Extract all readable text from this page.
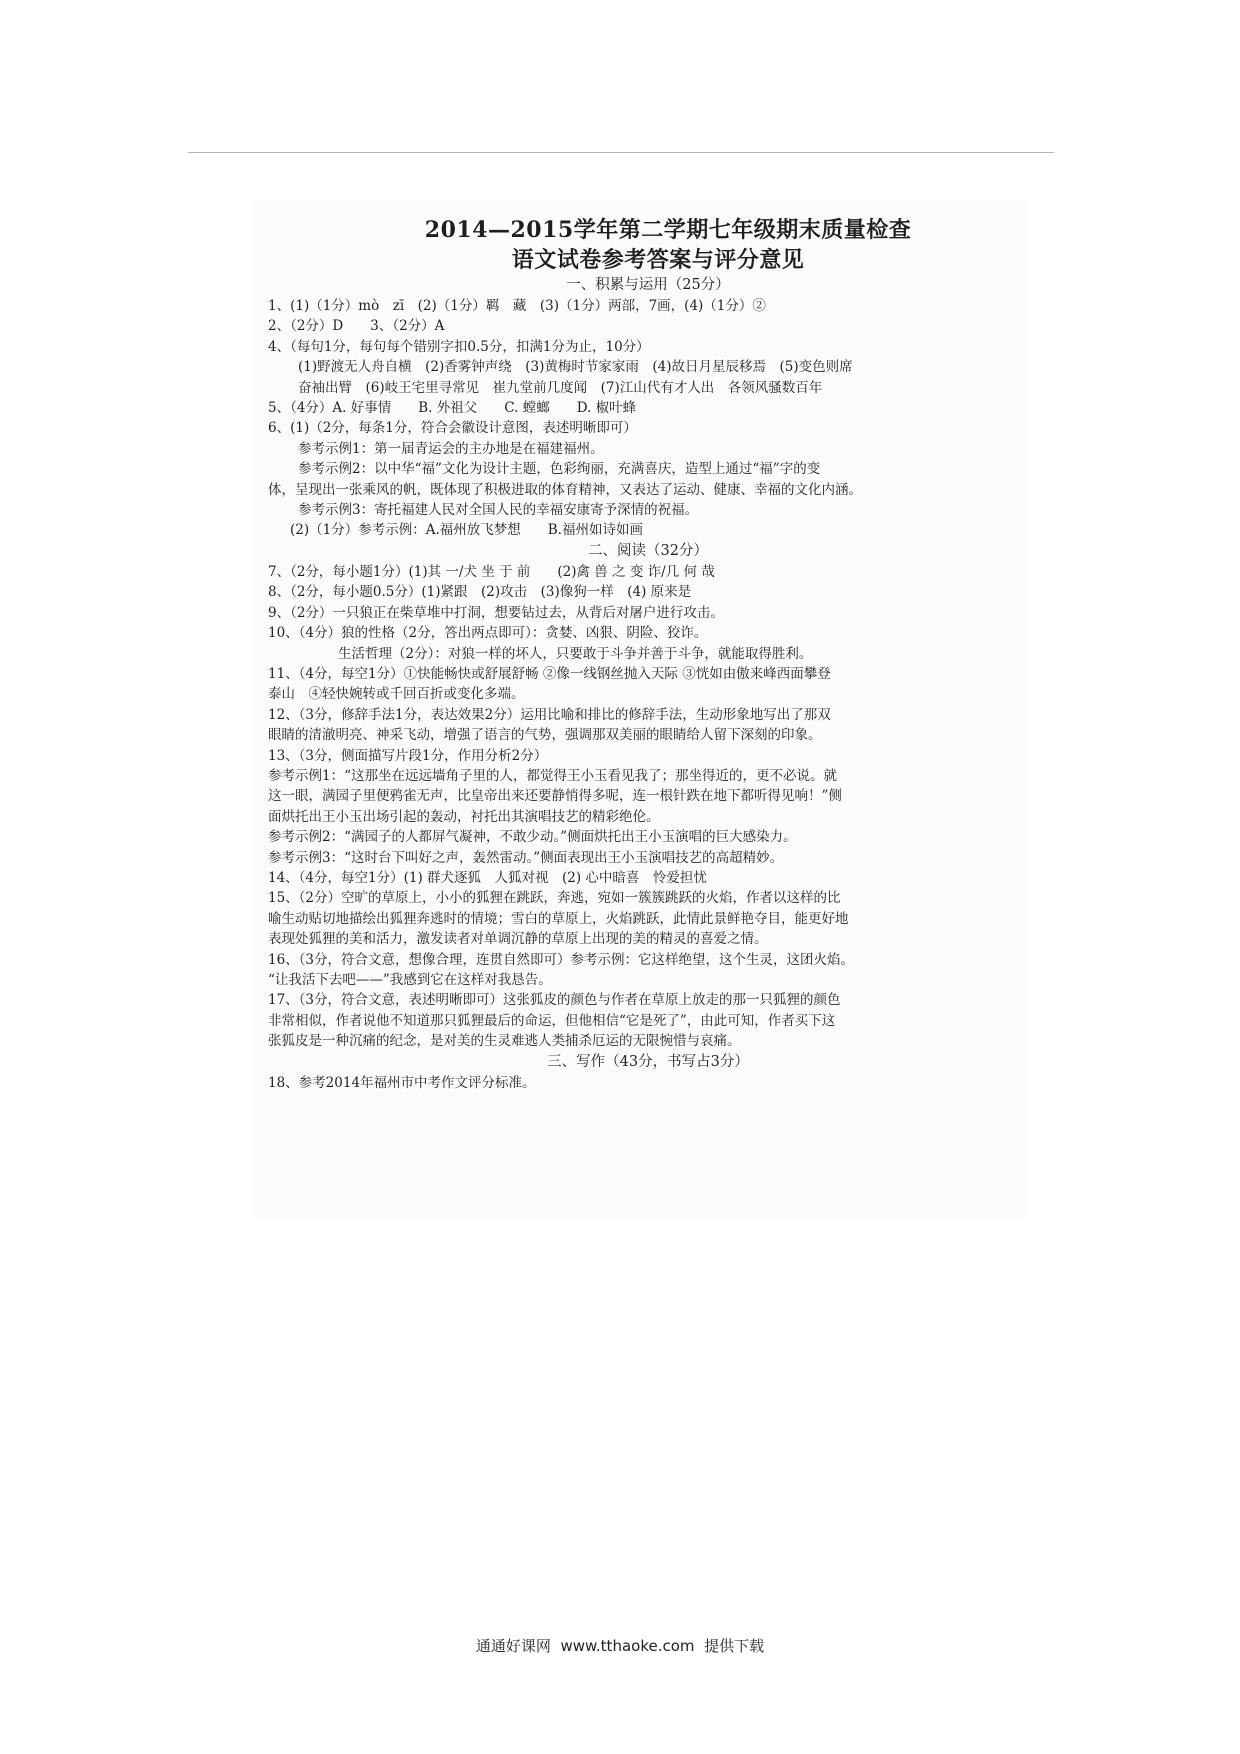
2014—2015学年第二学期七年级期末质量检查
语文试卷参考答案与评分意见
一、积累与运用（25分）
1、(1)（1分）mò　zī　(2)（1分）羁　藏　(3)（1分）两部，7画，(4)（1分）②
2、（2分）D　　3、（2分）A
4、（每句1分，每句每个错别字扣0.5分，扣满1分为止，10分）
(1)野渡无人舟自横　(2)香雾钟声绕　(3)黄梅时节家家雨　(4)故日月星辰移焉　(5)变色则席
奋袖出臂　(6)岐王宅里寻常见　崔九堂前几度闻　(7)江山代有才人出　各领风骚数百年
5、（4分）A. 好事情　　B. 外祖父　　C. 螳螂　　D. 椒叶蜂
6、(1)（2分，每条1分，符合会徽设计意图，表述明晰即可）
参考示例1：第一届青运会的主办地是在福建福州。
参考示例2：以中华“福”文化为设计主题，色彩绚丽，充满喜庆，造型上通过“福”字的变
体，呈现出一张乘风的帆，既体现了积极进取的体育精神，又表达了运动、健康、幸福的文化内涵。
参考示例3：寄托福建人民对全国人民的幸福安康寄予深情的祝福。
(2)（1分）参考示例：A.福州放飞梦想　　B.福州如诗如画
二、阅读（32分）
7、（2分，每小题1分）(1)其 一/犬 坐 于 前　　(2)禽 兽 之 变 诈/几 何 哉
8、（2分，每小题0.5分）(1)紧跟　(2)攻击　(3)像狗一样　(4) 原来是
9、（2分）一只狼正在柴草堆中打洞，想要钻过去，从背后对屠户进行攻击。
10、（4分）狼的性格（2分，答出两点即可）：贪婪、凶狠、阴险、狡诈。
生活哲理（2分）：对狼一样的坏人，只要敢于斗争并善于斗争，就能取得胜利。
11、（4分，每空1分）①快能畅快或舒展舒畅 ②像一线钢丝抛入天际 ③恍如由傲来峰西面攀登
泰山　④轻快婉转或千回百折或变化多端。
12、（3分，修辞手法1分，表达效果2分）运用比喻和排比的修辞手法，生动形象地写出了那双
眼睛的清澈明亮、神采飞动，增强了语言的气势，强调那双美丽的眼睛给人留下深刻的印象。
13、（3分，侧面描写片段1分，作用分析2分）
参考示例1：“这那坐在远远墙角子里的人，都觉得王小玉看见我了；那坐得近的，更不必说。就
这一眼，满园子里便鸦雀无声，比皇帝出来还要静悄得多呢，连一根针跌在地下都听得见响！”侧
面烘托出王小玉出场引起的轰动，衬托出其演唱技艺的精彩绝伦。
参考示例2：“满园子的人都屏气凝神，不敢少动。”侧面烘托出王小玉演唱的巨大感染力。
参考示例3：“这时台下叫好之声，轰然雷动。”侧面表现出王小玉演唱技艺的高超精妙。
14、（4分，每空1分）(1) 群犬逐狐　人狐对视　(2) 心中暗喜　怜爱担忧
15、（2分）空旷的草原上，小小的狐狸在跳跃，奔逃，宛如一簇簇跳跃的火焰，作者以这样的比
喻生动贴切地描绘出狐狸奔逃时的情境；雪白的草原上，火焰跳跃，此情此景鲜艳夺目，能更好地
表现处狐狸的美和活力，激发读者对单调沉静的草原上出现的美的精灵的喜爱之情。
16、（3分，符合文意，想像合理，连贯自然即可）参考示例：它这样绝望，这个生灵，这团火焰。
“让我活下去吧——”我感到它在这样对我恳告。
17、（3分，符合文意，表述明晰即可）这张狐皮的颜色与作者在草原上放走的那一只狐狸的颜色
非常相似，作者说他不知道那只狐狸最后的命运，但他相信“它是死了”，由此可知，作者买下这
张狐皮是一种沉痛的纪念，是对美的生灵难逃人类捕杀厄运的无限惋惜与哀痛。
三、写作（43分，书写占3分）
18、参考2014年福州市中考作文评分标准。
通通好课网 www.tthaoke.com 提供下载
